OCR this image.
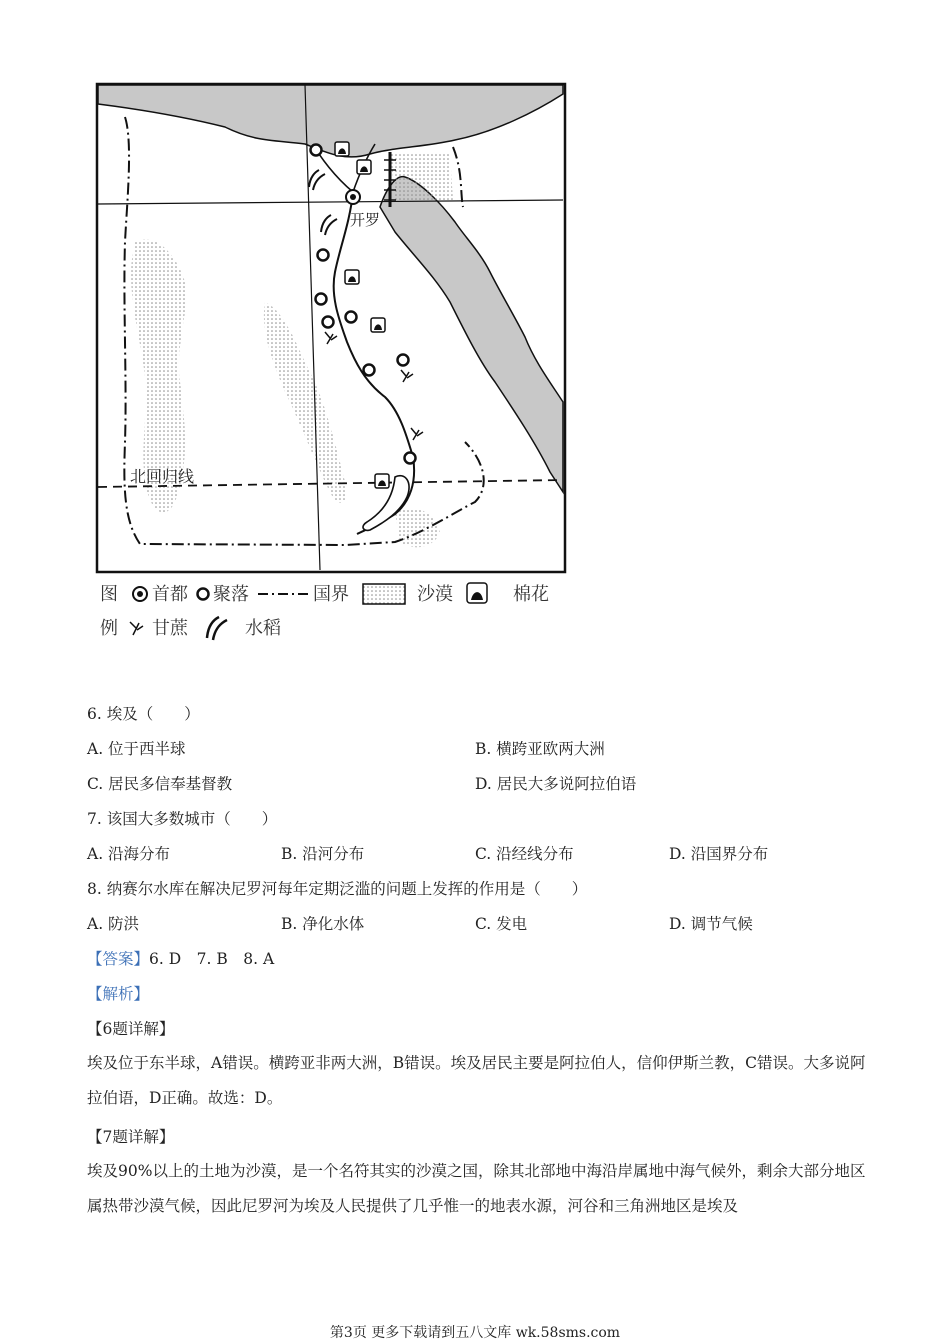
开罗
北回归线
图 首都 聚落	国界	沙漠	棉花
例 甘蔗	水稻
6. 埃及（　　）
A. 位于西半球	B. 横跨亚欧两大洲
C. 居民多信奉基督教	D. 居民大多说阿拉伯语
7. 该国大多数城市（　　）
A. 沿海分布	B. 沿河分布	C. 沿经线分布	D. 沿国界分布
8. 纳赛尔水库在解决尼罗河每年定期泛滥的问题上发挥的作用是（　　）
A. 防洪	B. 净化水体	C. 发电	D. 调节气候
【答案】6. D　7. B　8. A
【解析】
【6题详解】
埃及位于东半球，A错误。横跨亚非两大洲，B错误。埃及居民主要是阿拉伯人，信仰伊斯兰教，C错误。大多说阿拉伯语，D正确。故选：D。
【7题详解】
埃及90%以上的土地为沙漠，是一个名符其实的沙漠之国，除其北部地中海沿岸属地中海气候外，剩余大部分地区属热带沙漠气候，因此尼罗河为埃及人民提供了几乎惟一的地表水源，河谷和三角洲地区是埃及
第3页 更多下载请到五八文库 wk.58sms.com
